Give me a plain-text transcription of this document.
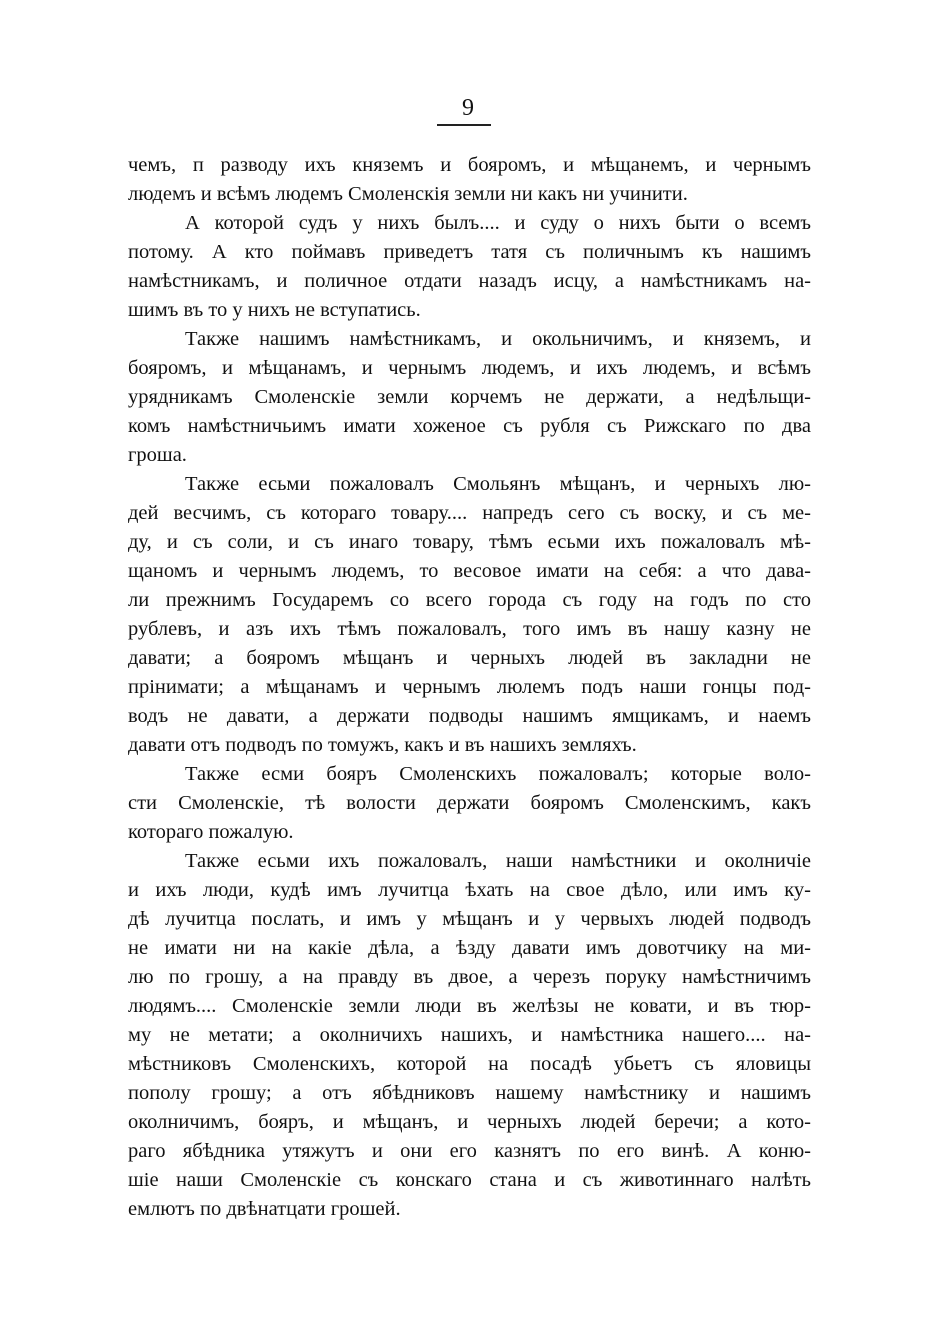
9
чемъ, п разводу ихъ княземъ и бояромъ, и мѣщанемъ, и чернымъ
людемъ и всѣмъ людемъ Смоленскія земли ни какъ ни учинити.
А которой судъ у нихъ былъ.... и суду о нихъ быти о всемъ
потому. А кто поймавъ приведетъ татя съ поличнымъ къ нашимъ
намѣстникамъ, и поличное отдати назадъ исцу, а намѣстникамъ на-
шимъ въ то у нихъ не вступатись.
Также нашимъ намѣстникамъ, и окольничимъ, и княземъ, и
бояромъ, и мѣщанамъ, и чернымъ людемъ, и ихъ людемъ, и всѣмъ
урядникамъ Смоленскіе земли корчемъ не держати, а недѣльщи-
комъ намѣстничьимъ имати хоженое съ рубля съ Рижскаго по два
гроша.
Также есьми пожаловалъ Смольянъ мѣщанъ, и черныхъ лю-
дей весчимъ, съ котораго товару.... напредъ сего съ воску, и съ ме-
ду, и съ соли, и съ инаго товару, тѣмъ есьми ихъ пожаловалъ мѣ-
щаномъ и чернымъ людемъ, то весовое имати на себя: а что дава-
ли прежнимъ Государемъ со всего города съ году на годъ по сто
рублевъ, и азъ ихъ тѣмъ пожаловалъ, того имъ въ нашу казну не
давати; а бояромъ мѣщанъ и черныхъ людей въ закладни не
прінимати; а мѣщанамъ и чернымъ люлемъ подъ наши гонцы под-
водъ не давати, а держати подводы нашимъ ямщикамъ, и наемъ
давати отъ подводъ по томужъ, какъ и въ нашихъ земляхъ.
Также есми бояръ Смоленскихъ пожаловалъ; которые воло-
сти Смоленскіе, тѣ волости держати бояромъ Смоленскимъ, какъ
котораго пожалую.
Также есьми ихъ пожаловалъ, наши намѣстники и околничіе
и ихъ люди, кудѣ имъ лучитца ѣхать на свое дѣло, или имъ ку-
дѣ лучитца послать, и имъ у мѣщанъ и у червыхъ людей подводъ
не имати ни на какіе дѣла, а ѣзду давати имъ довотчику на ми-
лю по грошу, а на правду въ двое, а черезъ поруку намѣстничимъ
людямъ.... Смоленскіе земли люди въ желѣзы не ковати, и въ тюр-
му не метати; а околничихъ нашихъ, и намѣстника нашего.... на-
мѣстниковъ Смоленскихъ, которой на посадѣ убьетъ съ яловицы
пополу грошу; а отъ ябѣдниковъ нашему намѣстнику и нашимъ
околничимъ, бояръ, и мѣщанъ, и черныхъ людей беречи; а кото-
раго ябѣдника утяжутъ и они его казнятъ по его винѣ. А коню-
шіе наши Смоленскіе съ конскаго стана и съ животиннаго налѣть
емлютъ по двѣнатцати грошей.
